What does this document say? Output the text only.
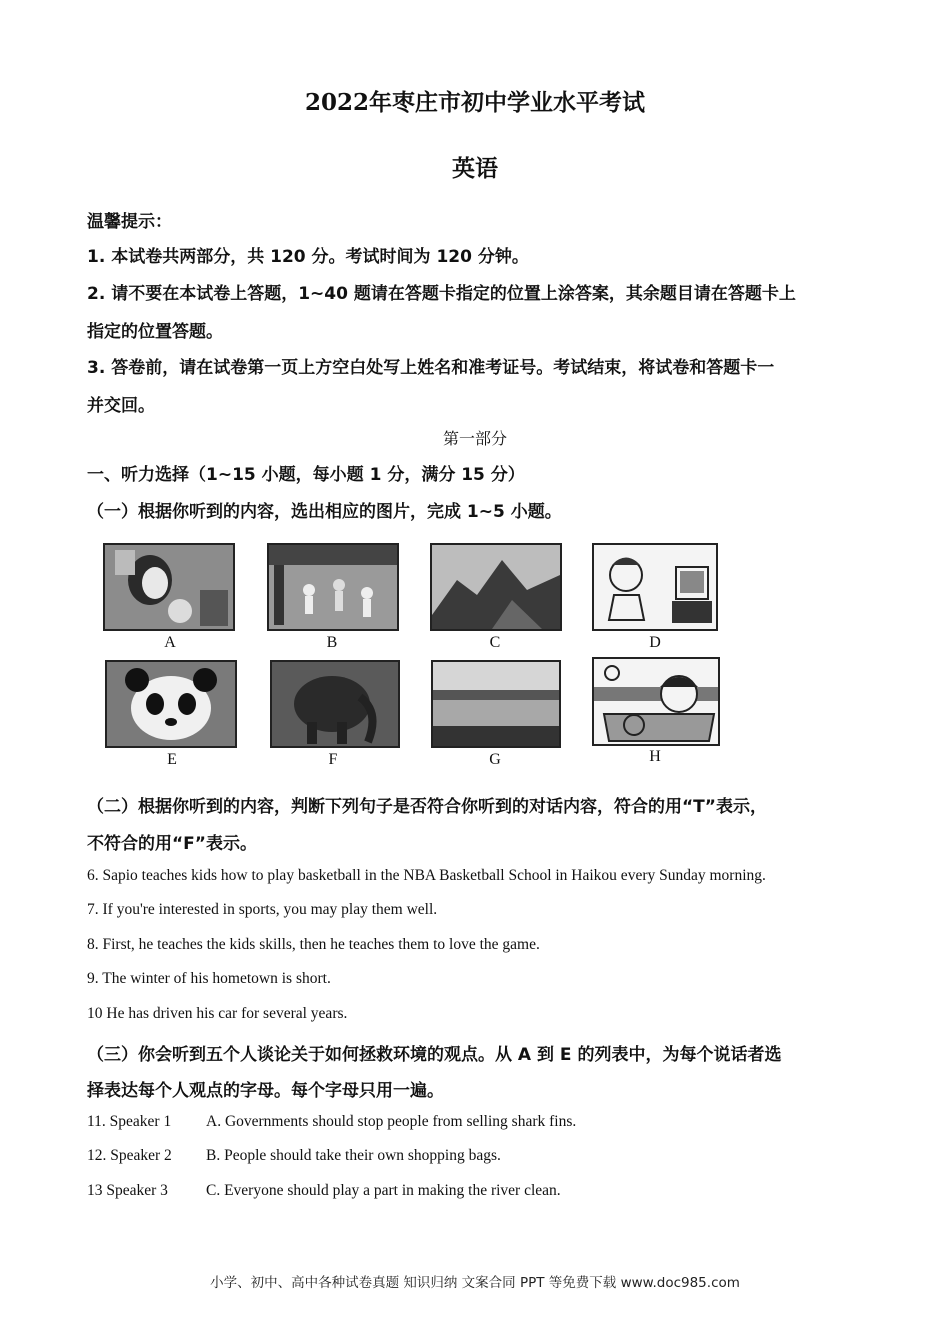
2022年枣庄市初中学业水平考试
英语
温馨提示：
1. 本试卷共两部分，共 120 分。考试时间为 120 分钟。
2. 请不要在本试卷上答题，1~40 题请在答题卡指定的位置上涂答案，其余题目请在答题卡上
指定的位置答题。
3. 答卷前，请在试卷第一页上方空白处写上姓名和准考证号。考试结束，将试卷和答题卡一
并交回。
第一部分
一、听力选择（1~15 小题，每小题 1 分，满分 15 分）
（一）根据你听到的内容，选出相应的图片，完成 1~5 小题。
A	B	C	D
E	F	G	H
（二）根据你听到的内容，判断下列句子是否符合你听到的对话内容，符合的用“T”表示，
不符合的用“F”表示。
6. Sapio teaches kids how to play basketball in the NBA Basketball School in Haikou every Sunday morning.
7. If you're interested in sports, you may play them well.
8. First, he teaches the kids skills, then he teaches them to love the game.
9. The winter of his hometown is short.
10 He has driven his car for several years.
（三）你会听到五个人谈论关于如何拯救环境的观点。从 A 到 E 的列表中，为每个说话者选
择表达每个人观点的字母。每个字母只用一遍。
11. Speaker 1 A. Governments should stop people from selling shark fins.
12. Speaker 2 B. People should take their own shopping bags.
13 Speaker 3 C. Everyone should play a part in making the river clean.
小学、初中、高中各种试卷真题 知识归纳 文案合同 PPT 等免费下载 www.doc985.com
